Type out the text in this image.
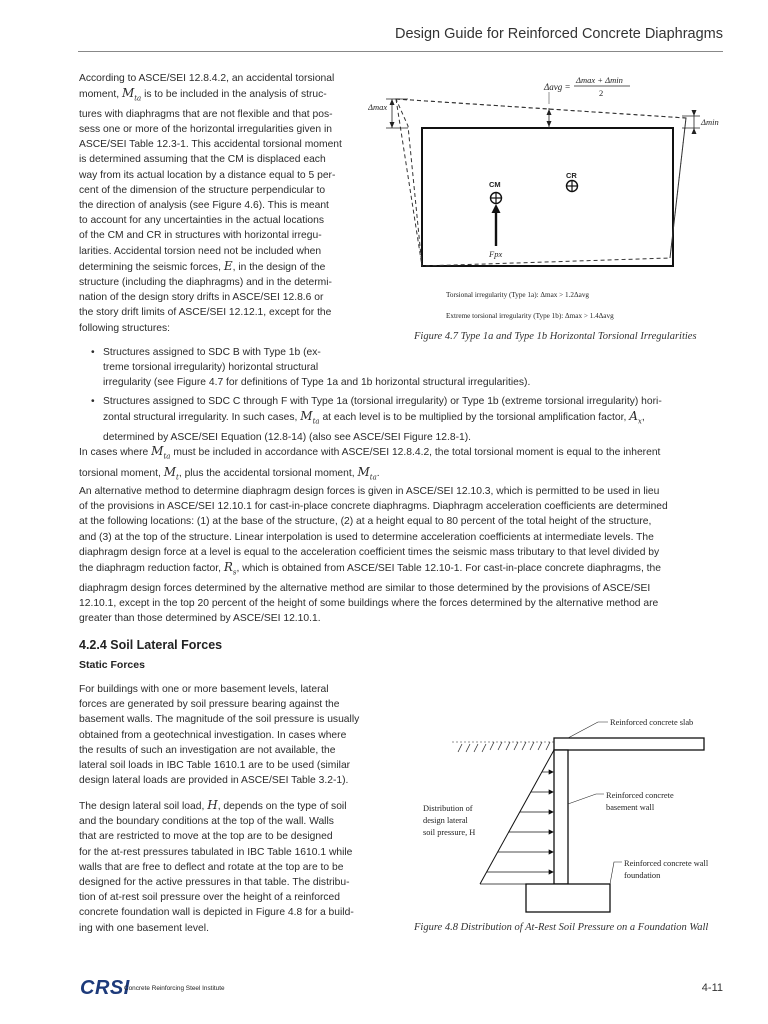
Design Guide for Reinforced Concrete Diaphragms

According to ASCE/SEI 12.8.4.2, an accidental torsional
moment, $M_{ta}$ is to be included in the analysis of struc-
tures with diaphragms that are not flexible and that pos-
sess one or more of the horizontal irregularities given in
ASCE/SEI Table 12.3-1. This accidental torsional moment
is determined assuming that the CM is displaced each
way from its actual location by a distance equal to 5 per-
cent of the dimension of the structure perpendicular to
the direction of analysis (see Figure 4.6). This is meant
to account for any uncertainties in the actual locations
of the CM and CR in structures with horizontal irregu-
larities. Accidental torsion need not be included when
determining the seismic forces, E, in the design of the
structure (including the diaphragms) and in the determi-
nation of the design story drifts in ASCE/SEI 12.8.6 or
the story drift limits of ASCE/SEI 12.12.1, except for the
following structures:

Δavg =
Δmax + Δmin
2
Δmax
Δmin
CR
CM
Fpx
Torsional irregularity (Type 1a): Δmax > 1.2Δavg
Extreme torsional irregularity (Type 1b): Δmax > 1.4Δavg
Figure 4.7 Type 1a and Type 1b Horizontal Torsional Irregularities

• Structures assigned to SDC B with Type 1b (ex-
treme torsional irregularity) horizontal structural
irregularity (see Figure 4.7 for definitions of Type 1a and 1b horizontal structural irregularities).

• Structures assigned to SDC C through F with Type 1a (torsional irregularity) or Type 1b (extreme torsional irregularity) hori-
zontal structural irregularity. In such cases, $M_{ta}$ at each level is to be multiplied by the torsional amplification factor, $A_x$,
determined by ASCE/SEI Equation (12.8-14) (also see ASCE/SEI Figure 12.8-1).

In cases where $M_{ta}$ must be included in accordance with ASCE/SEI 12.8.4.2, the total torsional moment is equal to the inherent
torsional moment, $M_t$, plus the accidental torsional moment, $M_{ta}$.

An alternative method to determine diaphragm design forces is given in ASCE/SEI 12.10.3, which is permitted to be used in lieu
of the provisions in ASCE/SEI 12.10.1 for cast-in-place concrete diaphragms. Diaphragm acceleration coefficients are determined
at the following locations: (1) at the base of the structure, (2) at a height equal to 80 percent of the total height of the structure,
and (3) at the top of the structure. Linear interpolation is used to determine acceleration coefficients at intermediate levels. The
diaphragm design force at a level is equal to the acceleration coefficient times the seismic mass tributary to that level divided by
the diaphragm reduction factor, $R_s$, which is obtained from ASCE/SEI Table 12.10-1. For cast-in-place concrete diaphragms, the
diaphragm design forces determined by the alternative method are similar to those determined by the provisions of ASCE/SEI
12.10.1, except in the top 20 percent of the height of some buildings where the forces determined by the alternative method are
greater than those determined by ASCE/SEI 12.10.1.

4.2.4 Soil Lateral Forces
Static Forces

For buildings with one or more basement levels, lateral
forces are generated by soil pressure bearing against the
basement walls. The magnitude of the soil pressure is usually
obtained from a geotechnical investigation. In cases where
the results of such an investigation are not available, the
lateral soil loads in IBC Table 1610.1 are to be used (similar
design lateral loads are provided in ASCE/SEI Table 3.2-1).

The design lateral soil load, H, depends on the type of soil
and the boundary conditions at the top of the wall. Walls
that are restricted to move at the top are to be designed
for the at-rest pressures tabulated in IBC Table 1610.1 while
walls that are free to deflect and rotate at the top are to be
designed for the active pressures in that table. The distribu-
tion of at-rest soil pressure over the height of a reinforced
concrete foundation wall is depicted in Figure 4.8 for a build-
ing with one basement level.

Reinforced concrete slab
Reinforced concrete
basement wall
Reinforced concrete wall
foundation
Distribution of
design lateral
soil pressure, H
Figure 4.8 Distribution of At-Rest Soil Pressure on a Foundation Wall
CRSI
Concrete Reinforcing Steel Institute	4-11
